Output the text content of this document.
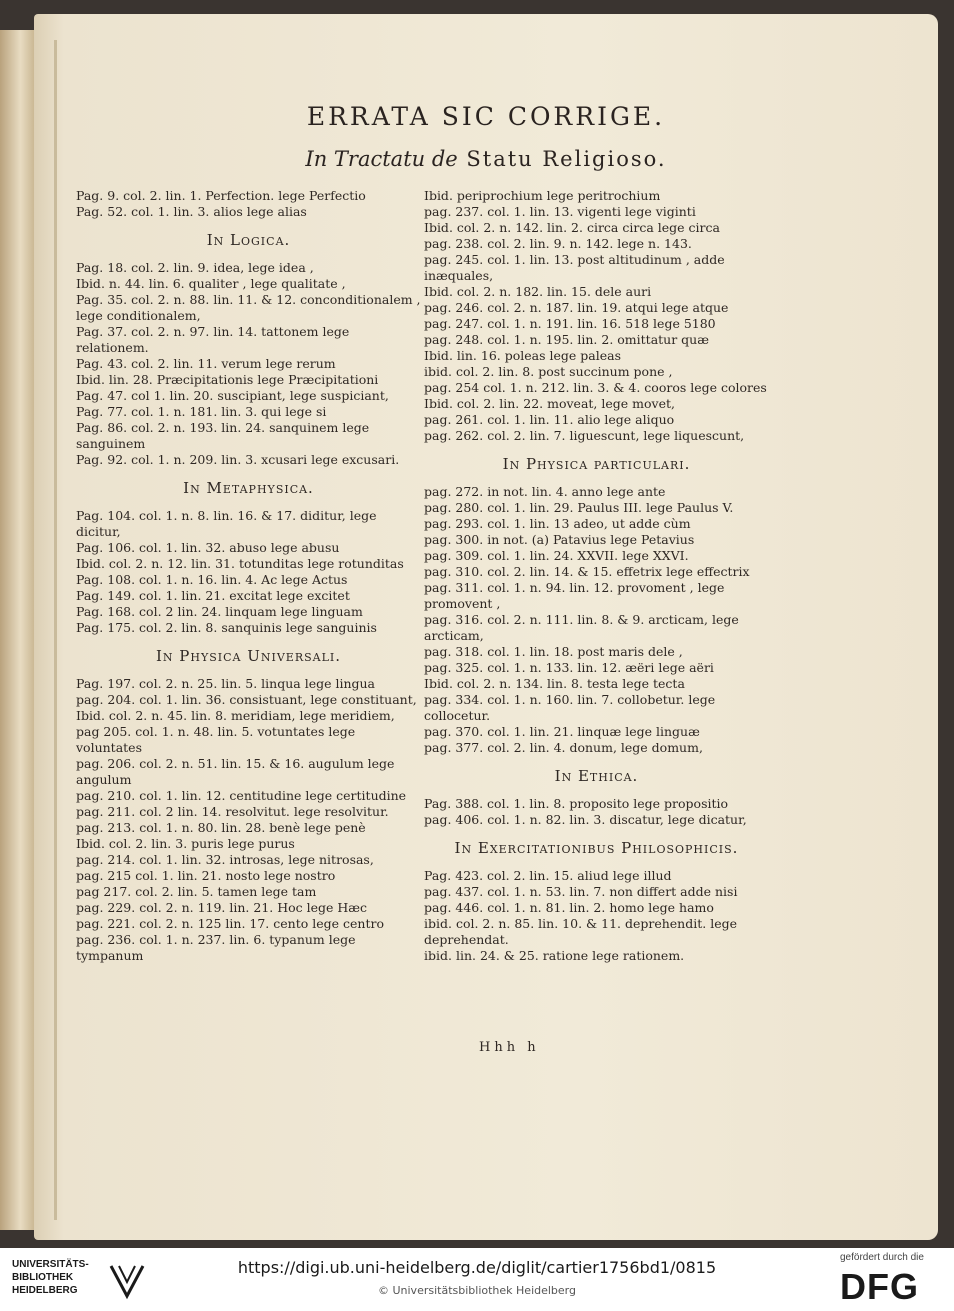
ERRATA SIC CORRIGE.
In Tractatu de Statu Religioso.
Pag. 9. col. 2. lin. 1. Perfection. lege Perfectio
Pag. 52. col. 1. lin. 3. alios lege alias
In Logica.
Pag. 18. col. 2. lin. 9. idea, lege idea ,
Ibid. n. 44. lin. 6. qualiter , lege qualitate ,
Pag. 35. col. 2. n. 88. lin. 11. & 12. conconditionalem , lege conditionalem,
Pag. 37. col. 2. n. 97. lin. 14. tattonem lege relationem.
Pag. 43. col. 2. lin. 11. verum lege rerum
Ibid. lin. 28. Præcipitationis lege Præcipitationi
Pag. 47. col 1. lin. 20. suscipiant, lege suspiciant,
Pag. 77. col. 1. n. 181. lin. 3. qui lege si
Pag. 86. col. 2. n. 193. lin. 24. sanquinem lege sanguinem
Pag. 92. col. 1. n. 209. lin. 3. xcusari lege excusari.
In Metaphysica.
Pag. 104. col. 1. n. 8. lin. 16. & 17. diditur, lege dicitur,
Pag. 106. col. 1. lin. 32. abuso lege abusu
Ibid. col. 2. n. 12. lin. 31. totunditas lege rotunditas
Pag. 108. col. 1. n. 16. lin. 4. Ac lege Actus
Pag. 149. col. 1. lin. 21. excitat lege excitet
Pag. 168. col. 2 lin. 24. linquam lege linguam
Pag. 175. col. 2. lin. 8. sanquinis lege sanguinis
In Physica Universali.
Pag. 197. col. 2. n. 25. lin. 5. linqua lege lingua
pag. 204. col. 1. lin. 36. consistuant, lege constituant,
Ibid. col. 2. n. 45. lin. 8. meridiam, lege meridiem,
pag 205. col. 1. n. 48. lin. 5. votuntates lege voluntates
pag. 206. col. 2. n. 51. lin. 15. & 16. augulum lege angulum
pag. 210. col. 1. lin. 12. centitudine lege certitudine
pag. 211. col. 2 lin. 14. resolvitut. lege resolvitur.
pag. 213. col. 1. n. 80. lin. 28. benè lege penè
Ibid. col. 2. lin. 3. puris lege purus
pag. 214. col. 1. lin. 32. introsas, lege nitrosas,
pag. 215 col. 1. lin. 21. nosto lege nostro
pag 217. col. 2. lin. 5. tamen lege tam
pag. 229. col. 2. n. 119. lin. 21. Hoc lege Hæc
pag. 221. col. 2. n. 125 lin. 17. cento lege centro
pag. 236. col. 1. n. 237. lin. 6. typanum lege tympanum
Ibid. periprochium lege peritrochium
pag. 237. col. 1. lin. 13. vigenti lege viginti
Ibid. col. 2. n. 142. lin. 2. circa circa lege circa
pag. 238. col. 2. lin. 9. n. 142. lege n. 143.
pag. 245. col. 1. lin. 13. post altitudinum , adde inæquales,
Ibid. col. 2. n. 182. lin. 15. dele auri
pag. 246. col. 2. n. 187. lin. 19. atqui lege atque
pag. 247. col. 1. n. 191. lin. 16. 518 lege 5180
pag. 248. col. 1. n. 195. lin. 2. omittatur quæ
Ibid. lin. 16. poleas lege paleas
ibid. col. 2. lin. 8. post succinum pone ,
pag. 254 col. 1. n. 212. lin. 3. & 4. cooros lege colores
Ibid. col. 2. lin. 22. moveat, lege movet,
pag. 261. col. 1. lin. 11. alio lege aliquo
pag. 262. col. 2. lin. 7. liguescunt, lege liquescunt,
In Physica particulari.
pag. 272. in not. lin. 4. anno lege ante
pag. 280. col. 1. lin. 29. Paulus III. lege Paulus V.
pag. 293. col. 1. lin. 13 adeo, ut adde cùm
pag. 300. in not. (a) Patavius lege Petavius
pag. 309. col. 1. lin. 24. XXVII. lege XXVI.
pag. 310. col. 2. lin. 14. & 15. effetrix lege effectrix
pag. 311. col. 1. n. 94. lin. 12. provoment , lege promovent ,
pag. 316. col. 2. n. 111. lin. 8. & 9. arcticam, lege arcticam,
pag. 318. col. 1. lin. 18. post maris dele ,
pag. 325. col. 1. n. 133. lin. 12. æëri lege aëri
Ibid. col. 2. n. 134. lin. 8. testa lege tecta
pag. 334. col. 1. n. 160. lin. 7. collobetur. lege collocetur.
pag. 370. col. 1. lin. 21. linquæ lege linguæ
pag. 377. col. 2. lin. 4. donum, lege domum,
In Ethica.
Pag. 388. col. 1. lin. 8. proposito lege propositio
pag. 406. col. 1. n. 82. lin. 3. discatur, lege dicatur,
In Exercitationibus Philosophicis.
Pag. 423. col. 2. lin. 15. aliud lege illud
pag. 437. col. 1. n. 53. lin. 7. non differt adde nisi
pag. 446. col. 1. n. 81. lin. 2. homo lege hamo
ibid. col. 2. n. 85. lin. 10. & 11. deprehendit. lege deprehendat.
ibid. lin. 24. & 25. ratione lege rationem.
Hhh h
UNIVERSITÄTS-
BIBLIOTHEK
HEIDELBERG
https://digi.ub.uni-heidelberg.de/diglit/cartier1756bd1/0815
© Universitätsbibliothek Heidelberg
gefördert durch die
DFG
